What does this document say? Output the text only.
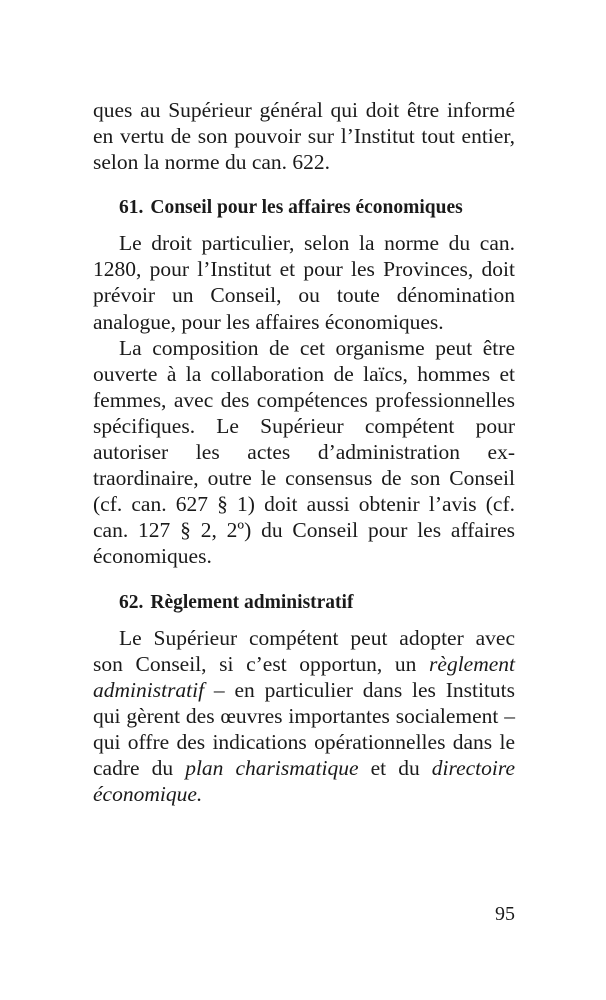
ques au Supérieur général qui doit être informé en vertu de son pouvoir sur l’Institut tout entier, selon la norme du can. 622.

61. Conseil pour les affaires économiques

Le droit particulier, selon la norme du can. 1280, pour l’Institut et pour les Provinces, doit prévoir un Conseil, ou toute dénomination analogue, pour les affaires économiques.

La composition de cet organisme peut être ouverte à la collaboration de laïcs, hommes et femmes, avec des compétences professionnelles spécifiques. Le Supérieur compétent pour autoriser les actes d’administration extraordinaire, outre le consensus de son Conseil (cf. can. 627 § 1) doit aussi obtenir l’avis (cf. can. 127 § 2, 2º) du Conseil pour les affaires économiques.

62. Règlement administratif

Le Supérieur compétent peut adopter avec son Conseil, si c’est opportun, un règlement administratif – en particulier dans les Instituts qui gèrent des œuvres importantes socialement – qui offre des indications opérationnelles dans le cadre du plan charismatique et du directoire économique.

95
